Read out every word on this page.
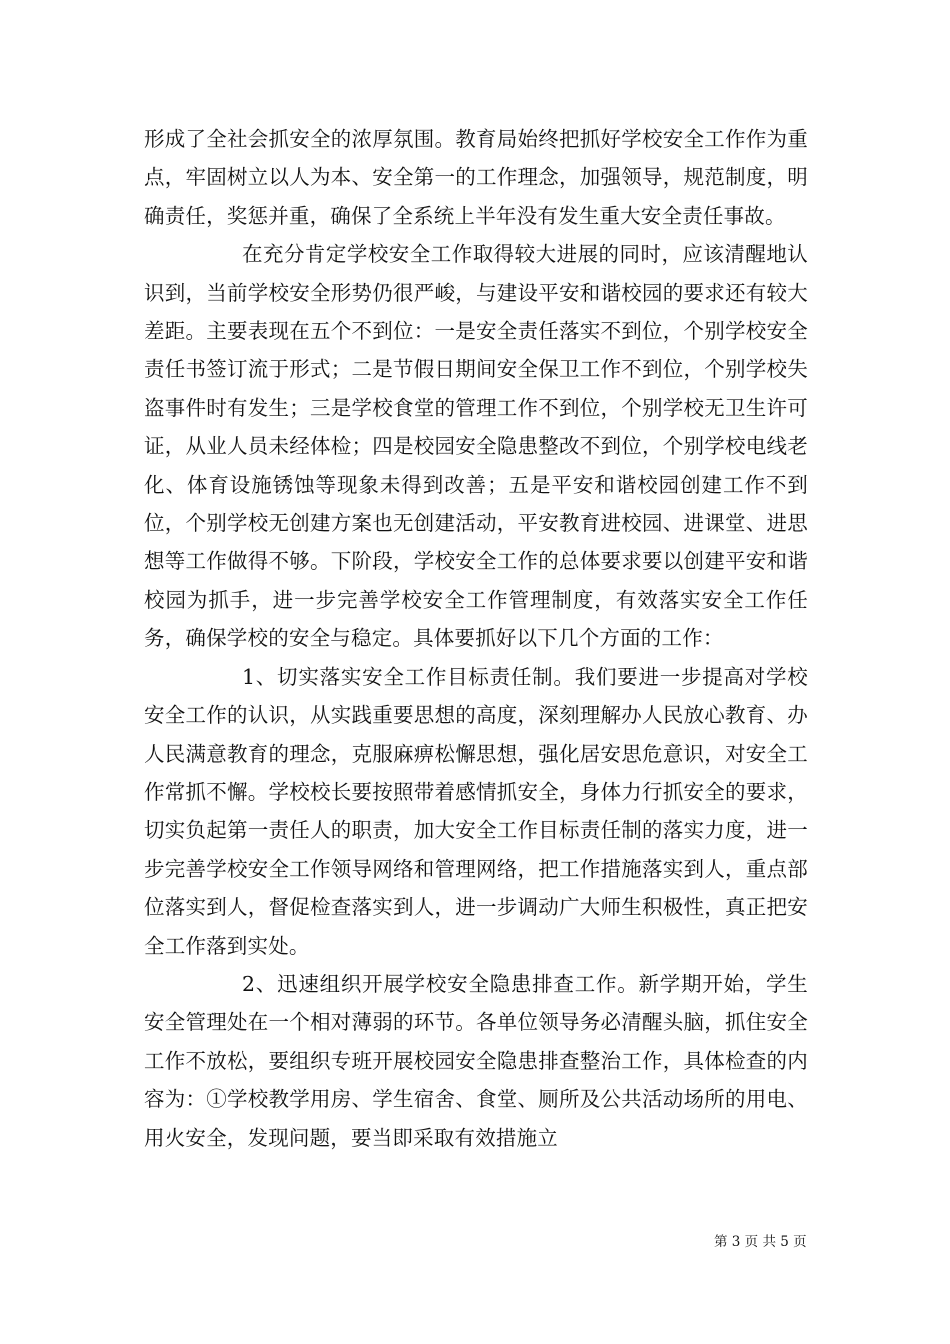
形成了全社会抓安全的浓厚氛围。教育局始终把抓好学校安全工作作为重点，牢固树立以人为本、安全第一的工作理念，加强领导，规范制度，明确责任，奖惩并重，确保了全系统上半年没有发生重大安全责任事故。

在充分肯定学校安全工作取得较大进展的同时，应该清醒地认识到，当前学校安全形势仍很严峻，与建设平安和谐校园的要求还有较大差距。主要表现在五个不到位：一是安全责任落实不到位，个别学校安全责任书签订流于形式；二是节假日期间安全保卫工作不到位，个别学校失盗事件时有发生；三是学校食堂的管理工作不到位，个别学校无卫生许可证，从业人员未经体检；四是校园安全隐患整改不到位，个别学校电线老化、体育设施锈蚀等现象未得到改善；五是平安和谐校园创建工作不到位，个别学校无创建方案也无创建活动，平安教育进校园、进课堂、进思想等工作做得不够。下阶段，学校安全工作的总体要求要以创建平安和谐校园为抓手，进一步完善学校安全工作管理制度，有效落实安全工作任务，确保学校的安全与稳定。具体要抓好以下几个方面的工作：

1、切实落实安全工作目标责任制。我们要进一步提高对学校安全工作的认识，从实践重要思想的高度，深刻理解办人民放心教育、办人民满意教育的理念，克服麻痹松懈思想，强化居安思危意识，对安全工作常抓不懈。学校校长要按照带着感情抓安全，身体力行抓安全的要求，切实负起第一责任人的职责，加大安全工作目标责任制的落实力度，进一步完善学校安全工作领导网络和管理网络，把工作措施落实到人，重点部位落实到人，督促检查落实到人，进一步调动广大师生积极性，真正把安全工作落到实处。

2、迅速组织开展学校安全隐患排查工作。新学期开始，学生安全管理处在一个相对薄弱的环节。各单位领导务必清醒头脑，抓住安全工作不放松，要组织专班开展校园安全隐患排查整治工作，具体检查的内容为：①学校教学用房、学生宿舍、食堂、厕所及公共活动场所的用电、用火安全，发现问题，要当即采取有效措施立

第 3 页 共 5 页
